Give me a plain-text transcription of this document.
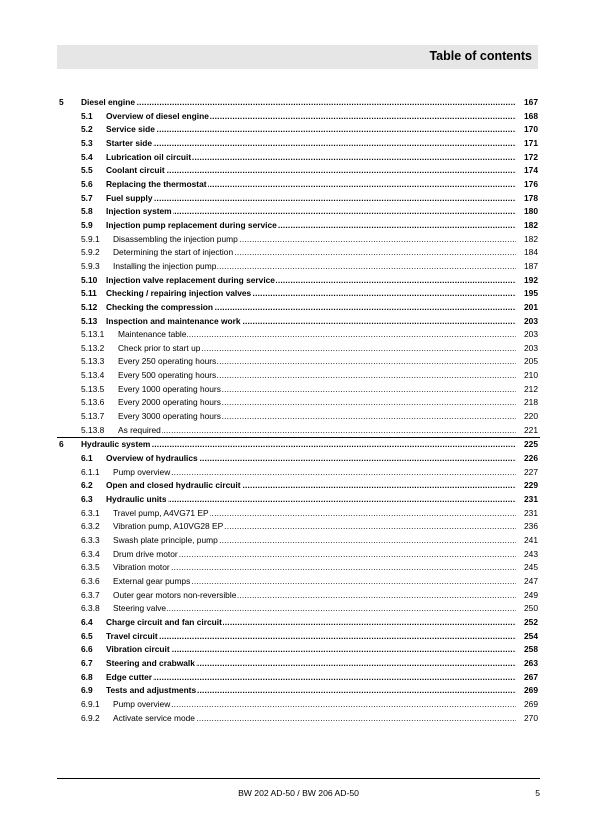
Table of contents
5 Diesel engine .....	167
5.1 Overview of diesel engine .....	168
5.2 Service side .....	170
5.3 Starter side .....	171
5.4 Lubrication oil circuit .....	172
5.5 Coolant circuit .....	174
5.6 Replacing the thermostat .....	176
5.7 Fuel supply .....	178
5.8 Injection system .....	180
5.9 Injection pump replacement during service .....	182
5.9.1 Disassembling the injection pump .....	182
5.9.2 Determining the start of injection .....	184
5.9.3 Installing the injection pump .....	187
5.10 Injection valve replacement during service .....	192
5.11 Checking / repairing injection valves .....	195
5.12 Checking the compression .....	201
5.13 Inspection and maintenance work .....	203
5.13.1 Maintenance table .....	203
5.13.2 Check prior to start up .....	203
5.13.3 Every 250 operating hours .....	205
5.13.4 Every 500 operating hours .....	210
5.13.5 Every 1000 operating hours .....	212
5.13.6 Every 2000 operating hours .....	218
5.13.7 Every 3000 operating hours .....	220
5.13.8 As required .....	221
6 Hydraulic system .....	225
6.1 Overview of hydraulics .....	226
6.1.1 Pump overview .....	227
6.2 Open and closed hydraulic circuit .....	229
6.3 Hydraulic units .....	231
6.3.1 Travel pump, A4VG71 EP .....	231
6.3.2 Vibration pump, A10VG28 EP .....	236
6.3.3 Swash plate principle, pump .....	241
6.3.4 Drum drive motor .....	243
6.3.5 Vibration motor .....	245
6.3.6 External gear pumps .....	247
6.3.7 Outer gear motors non-reversible .....	249
6.3.8 Steering valve .....	250
6.4 Charge circuit and fan circuit .....	252
6.5 Travel circuit .....	254
6.6 Vibration circuit .....	258
6.7 Steering and crabwalk .....	263
6.8 Edge cutter .....	267
6.9 Tests and adjustments .....	269
6.9.1 Pump overview .....	269
6.9.2 Activate service mode .....	270
BW 202 AD-50 / BW 206 AD-50	5
